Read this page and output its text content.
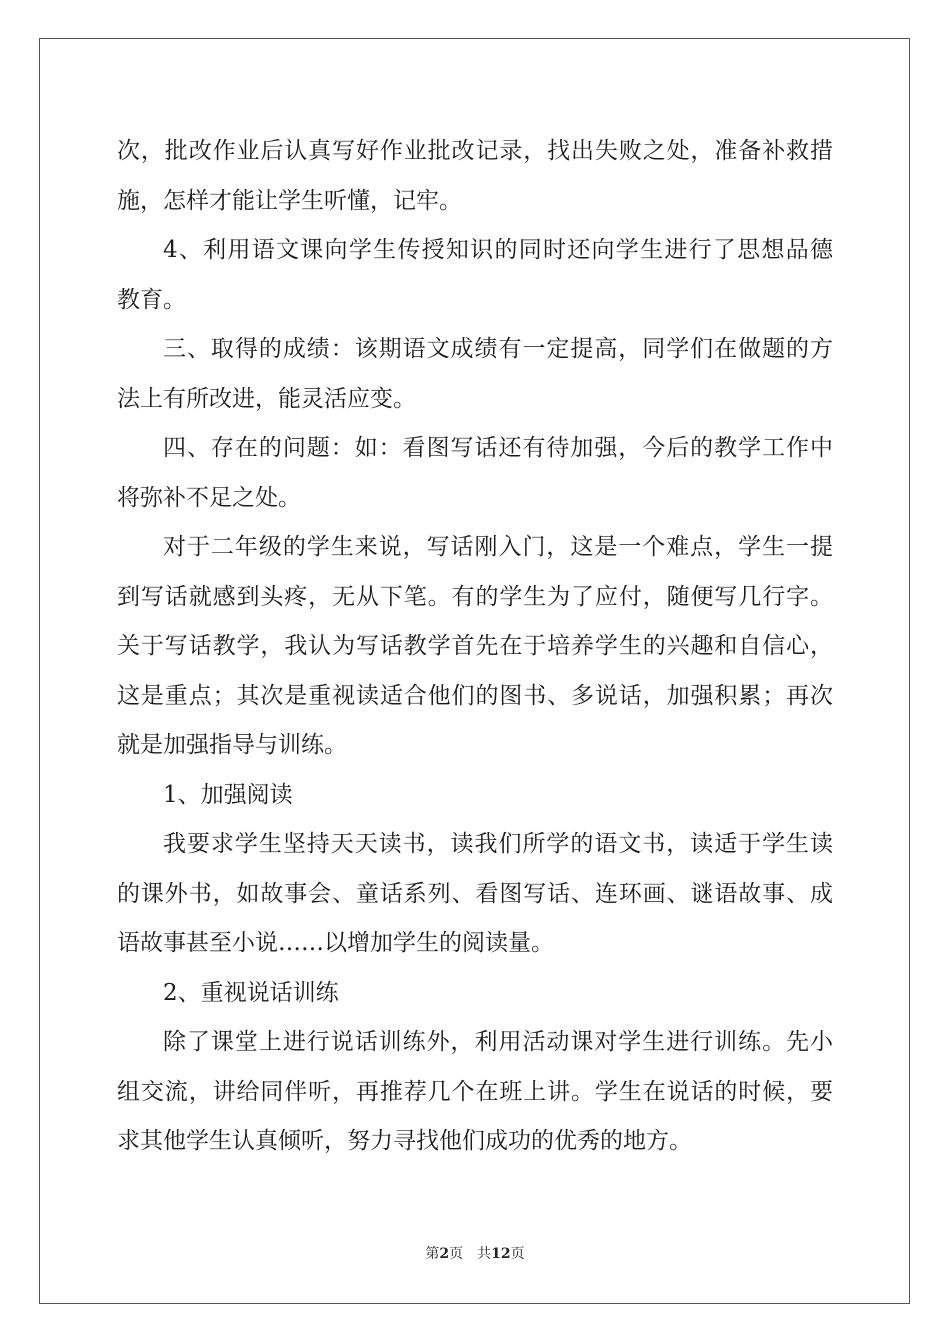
次，批改作业后认真写好作业批改记录，找出失败之处，准备补救措
施，怎样才能让学生听懂，记牢。
4、利用语文课向学生传授知识的同时还向学生进行了思想品德
教育。
三、取得的成绩：该期语文成绩有一定提高，同学们在做题的方
法上有所改进，能灵活应变。
四、存在的问题：如：看图写话还有待加强，今后的教学工作中
将弥补不足之处。
对于二年级的学生来说，写话刚入门，这是一个难点，学生一提
到写话就感到头疼，无从下笔。有的学生为了应付，随便写几行字。
关于写话教学，我认为写话教学首先在于培养学生的兴趣和自信心，
这是重点；其次是重视读适合他们的图书、多说话，加强积累；再次
就是加强指导与训练。
1、加强阅读
我要求学生坚持天天读书，读我们所学的语文书，读适于学生读
的课外书，如故事会、童话系列、看图写话、连环画、谜语故事、成
语故事甚至小说……以增加学生的阅读量。
2、重视说话训练
除了课堂上进行说话训练外，利用活动课对学生进行训练。先小
组交流，讲给同伴听，再推荐几个在班上讲。学生在说话的时候，要
求其他学生认真倾听，努力寻找他们成功的优秀的地方。
第2页 共12页
